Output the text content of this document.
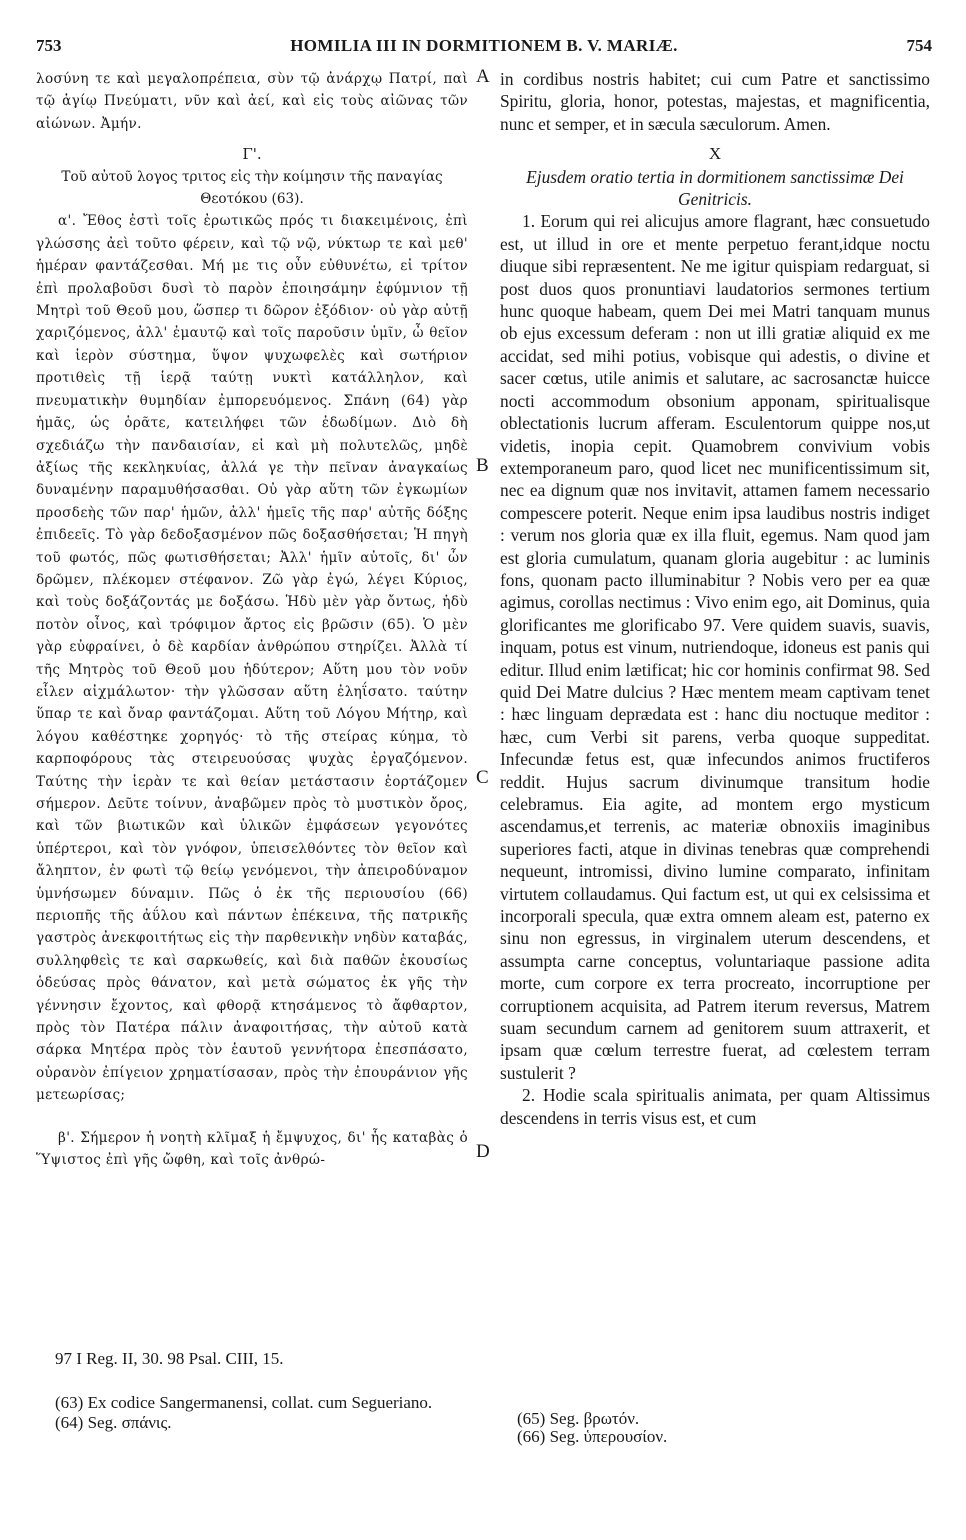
753	HOMILIA III IN DORMITIONEM B. V. MARIÆ.	754

λοσύνη τε καὶ μεγαλοπρέπεια, σὺν τῷ ἀνάρχῳ Πατρί, παὶ τῷ ἁγίῳ Πνεύματι, νῦν καὶ ἀεί, καὶ εἰς τοὺς αἰῶνας τῶν αἰώνων. Ἀμήν.

Γ'.

Τοῦ αὐτοῦ λογος τριτος εἰς τὴν κοίμησιν τῆς παναγίας Θεοτόκου (63).

α'. Ἔθος ἐστὶ τοῖς ἐρωτικῶς πρός τι διακειμένοις, ἐπὶ γλώσσης ἀεὶ τοῦτο φέρειν, καὶ τῷ νῷ, νύκτωρ τε καὶ μεθ' ἡμέραν φαντάζεσθαι. Μή με τις οὖν εὐθυνέτω, εἰ τρίτον ἐπὶ προλαβοῦσι δυσὶ τὸ παρὸν ἐποιησάμην ἐφύμνιον τῇ Μητρὶ τοῦ Θεοῦ μου, ὥσπερ τι δῶρον ἐξόδιον· οὐ γὰρ αὐτῇ χαριζόμενος, ἀλλ' ἐμαυτῷ καὶ τοῖς παροῦσιν ὑμῖν, ὦ θεῖον καὶ ἱερὸν σύστημα, ὕψον ψυχωφελὲς καὶ σωτήριον προτιθεὶς τῇ ἱερᾷ ταύτῃ νυκτὶ κατάλληλον, καὶ πνευματικὴν θυμηδίαν ἐμπορευόμενος. Σπάνη (64) γὰρ ἡμᾶς, ὡς ὁρᾶτε, κατειλήφει τῶν ἐδωδίμων. Διὸ δὴ σχεδιάζω τὴν πανδαισίαν, εἰ καὶ μὴ πολυτελῶς, μηδὲ ἀξίως τῆς κεκληκυίας, ἀλλά γε τὴν πεῖναν ἀναγκαίως δυναμένην παραμυθήσασθαι. Οὐ γὰρ αὕτη τῶν ἐγκωμίων προσδεὴς τῶν παρ' ἡμῶν, ἀλλ' ἡμεῖς τῆς παρ' αὐτῆς δόξης ἐπιδεεῖς. Τὸ γὰρ δεδοξασμένον πῶς δοξασθήσεται; Ἡ πηγὴ τοῦ φωτός, πῶς φωτισθήσεται; Ἀλλ' ἡμῖν αὐτοῖς, δι' ὧν δρῶμεν, πλέκομεν στέφανον. Ζῶ γὰρ ἐγώ, λέγει Κύριος, καὶ τοὺς δοξάζοντάς με δοξάσω. Ἡδὺ μὲν γὰρ ὄντως, ἡδὺ ποτὸν οἶνος, καὶ τρόφιμον ἄρτος εἰς βρῶσιν (65). Ὁ μὲν γὰρ εὐφραίνει, ὁ δὲ καρδίαν ἀνθρώπου στηρίζει. Ἀλλὰ τί τῆς Μητρὸς τοῦ Θεοῦ μου ἡδύτερον; Αὕτη μου τὸν νοῦν εἷλεν αἰχμάλωτον· τὴν γλῶσσαν αὕτη ἐληΐσατο. ταύτην ὕπαρ τε καὶ ὄναρ φαντάζομαι. Αὕτη τοῦ Λόγου Μήτηρ, καὶ λόγου καθέστηκε χορηγός· τὸ τῆς στείρας κύημα, τὸ καρποφόρους τὰς στειρευούσας ψυχὰς ἐργαζόμενον. Ταύτης τὴν ἱερὰν τε καὶ θείαν μετάστασιν ἑορτάζομεν σήμερον. Δεῦτε τοίνυν, ἀναβῶμεν πρὸς τὸ μυστικὸν ὄρος, καὶ τῶν βιωτικῶν καὶ ὑλικῶν ἐμφάσεων γεγονότες ὑπέρτεροι, καὶ τὸν γνόφον, ὑπεισελθόντες τὸν θεῖον καὶ ἄληπτον, ἐν φωτὶ τῷ θείῳ γενόμενοι, τὴν ἀπειροδύναμον ὑμνήσωμεν δύναμιν. Πῶς ὁ ἐκ τῆς περιουσίου (66) περιοπῆς τῆς ἀΰλου καὶ πάντων ἐπέκεινα, τῆς πατρικῆς γαστρὸς ἀνεκφοιτήτως εἰς τὴν παρθενικὴν νηδὺν καταβάς, συλληφθεὶς τε καὶ σαρκωθείς, καὶ διὰ παθῶν ἑκουσίως ὁδεύσας πρὸς θάνατον, καὶ μετὰ σώματος ἐκ γῆς τὴν γέννησιν ἔχοντος, καὶ φθορᾷ κτησάμενος τὸ ἄφθαρτον, πρὸς τὸν Πατέρα πάλιν ἀναφοιτήσας, τὴν αὐτοῦ κατὰ σάρκα Μητέρα πρὸς τὸν ἑαυτοῦ γεννήτορα ἐπεσπάσατο, οὐρανὸν ἐπίγειον χρηματίσασαν, πρὸς τὴν ἐπουράνιον γῆς μετεωρίσας;

β'. Σήμερον ἡ νοητὴ κλῖμαξ ἡ ἔμψυχος, δι' ἧς καταβὰς ὁ Ὕψιστος ἐπὶ γῆς ὤφθη, καὶ τοῖς ἀνθρώ-

in cordibus nostris habitet; cui cum Patre et sanctissimo Spiritu, gloria, honor, potestas, majestas, et magnificentia, nunc et semper, et in sæcula sæculorum. Amen.

X

Ejusdem oratio tertia in dormitionem sanctissimæ Dei Genitricis.

1. Eorum qui rei alicujus amore flagrant, hæc consuetudo est, ut illud in ore et mente perpetuo ferant,idque noctu diuque sibi repræsentent. Ne me igitur quispiam redarguat, si post duos quos pronuntiavi laudatorios sermones tertium hunc quoque habeam, quem Dei mei Matri tanquam munus ob ejus excessum deferam : non ut illi gratiæ aliquid ex me accidat, sed mihi potius, vobisque qui adestis, o divine et sacer cœtus, utile animis et salutare, ac sacrosanctæ huicce nocti accommodum obsonium apponam, spiritualisque oblectationis lucrum afferam. Esculentorum quippe nos,ut videtis, inopia cepit. Quamobrem convivium vobis extemporaneum paro, quod licet nec munificentissimum sit, nec ea dignum quæ nos invitavit, attamen famem necessario compescere poterit. Neque enim ipsa laudibus nostris indiget : verum nos gloria quæ ex illa fluit, egemus. Nam quod jam est gloria cumulatum, quanam gloria augebitur : ac luminis fons, quonam pacto illuminabitur ? Nobis vero per ea quæ agimus, corollas nectimus : Vivo enim ego, ait Dominus, quia glorificantes me glorificabo 97. Vere quidem suavis, suavis, inquam, potus est vinum, nutriendoque, idoneus est panis qui editur. Illud enim lætificat; hic cor hominis confirmat 98. Sed quid Dei Matre dulcius ? Hæc mentem meam captivam tenet : hæc linguam deprædata est : hanc diu noctuque meditor : hæc, cum Verbi sit parens, verba quoque suppeditat. Infecundæ fetus est, quæ infecundos animos fructiferos reddit. Hujus sacrum divinumque transitum hodie celebramus. Eia agite, ad montem ergo mysticum ascendamus,et terrenis, ac materiæ obnoxiis imaginibus superiores facti, atque in divinas tenebras quæ comprehendi nequeunt, intromissi, divino lumine comparato, infinitam virtutem collaudamus. Qui factum est, ut qui ex celsissima et incorporali specula, quæ extra omnem aleam est, paterno ex sinu non egressus, in virginalem uterum descendens, et assumpta carne conceptus, voluntariaque passione adita morte, cum corpore ex terra procreato, incorruptione per corruptionem acquisita, ad Patrem iterum reversus, Matrem suam secundum carnem ad genitorem suum attraxerit, et ipsam quæ cœlum terrestre fuerat, ad cœlestem terram sustulerit ?

2. Hodie scala spiritualis animata, per quam Altissimus descendens in terris visus est, et cum

A
B
C
D

97 I Reg. II, 30. 98 Psal. CIII, 15.

(63) Ex codice Sangermanensi, collat. cum Segueriano.

(64) Seg. σπάνις.	(65) Seg. βρωτόν.

(66) Seg. ὑπερουσίον.
